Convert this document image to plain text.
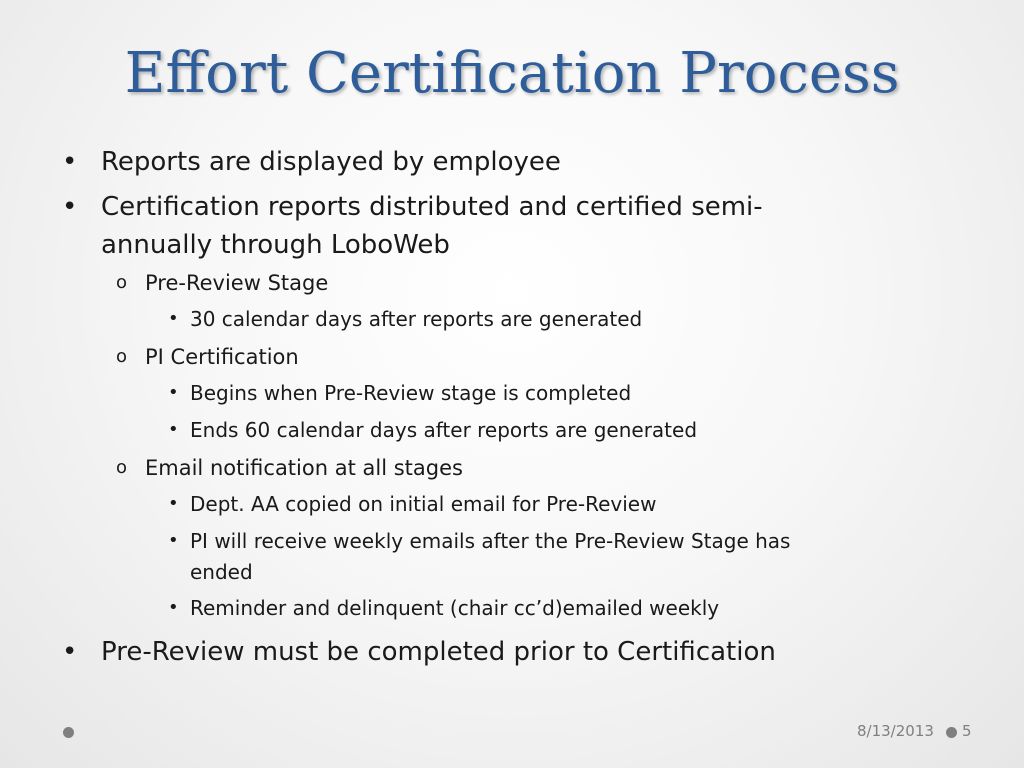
Effort Certification Process
• Reports are displayed by employee
• Certification reports distributed and certified semi-
annually through LoboWeb
o Pre-Review Stage
• 30 calendar days after reports are generated
o PI Certification
• Begins when Pre-Review stage is completed
• Ends 60 calendar days after reports are generated
o Email notification at all stages
• Dept. AA copied on initial email for Pre-Review
• PI will receive weekly emails after the Pre-Review Stage has
ended
• Reminder and delinquent (chair cc’d)emailed weekly
• Pre-Review must be completed prior to Certification
8/13/2013 5
